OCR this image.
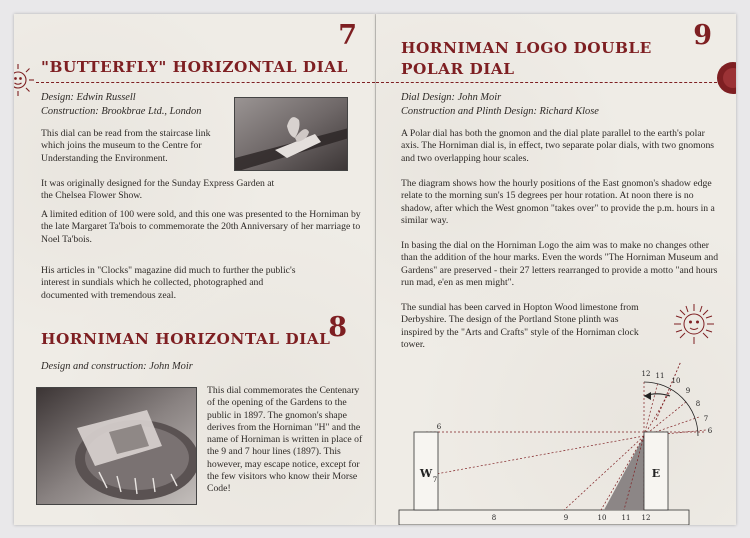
7
"BUTTERFLY" HORIZONTAL DIAL
Design: Edwin Russell
Construction: Brookbrae Ltd., London
This dial can be read from the staircase link which joins the museum to the Centre for Understanding the Environment.
It was originally designed for the Sunday Express Garden at the Chelsea Flower Show.
A limited edition of 100 were sold, and this one was presented to the Horniman by the late Margaret Ta'bois to commemorate the 20th Anniversary of her marriage to Noel Ta'bois.
His articles in "Clocks" magazine did much to further the public's interest in sundials which he collected, photographed and documented with tremendous zeal.
8
HORNIMAN HORIZONTAL DIAL
Design and construction: John Moir
This dial commemorates the Centenary of the opening of the Gardens to the public in 1897. The gnomon's shape derives from the Horniman "H" and the name of Horniman is written in place of the 9 and 7 hour lines (1897). This however, may escape notice, except for the few visitors who know their Morse Code!
HORNIMAN LOGO DOUBLE
POLAR DIAL
9
Dial Design: John Moir
Construction and Plinth Design: Richard Klose
A Polar dial has both the gnomon and the dial plate parallel to the earth's polar axis. The Horniman dial is, in effect, two separate polar dials, with two gnomons and two overlapping hour scales.
The diagram shows how the hourly positions of the East gnomon's shadow edge relate to the morning sun's 15 degrees per hour rotation. At noon there is no shadow, after which the West gnomon "takes over" to provide the p.m. hours in a similar way.
In basing the dial on the Horniman Logo the aim was to make no changes other than the addition of the hour marks. Even the words "The Horniman Museum and Gardens" are preserved - their 27 letters rearranged to provide a motto "and hours run mad, e'en as men might".
The sundial has been carved in Hopton Wood limestone from Derbyshire. The design of the Portland Stone plinth was inspired by the "Arts and Crafts" style of the Horniman clock tower.
W	E
6
7
12 11
10
9
8
7
6
8	9	10 11 12
